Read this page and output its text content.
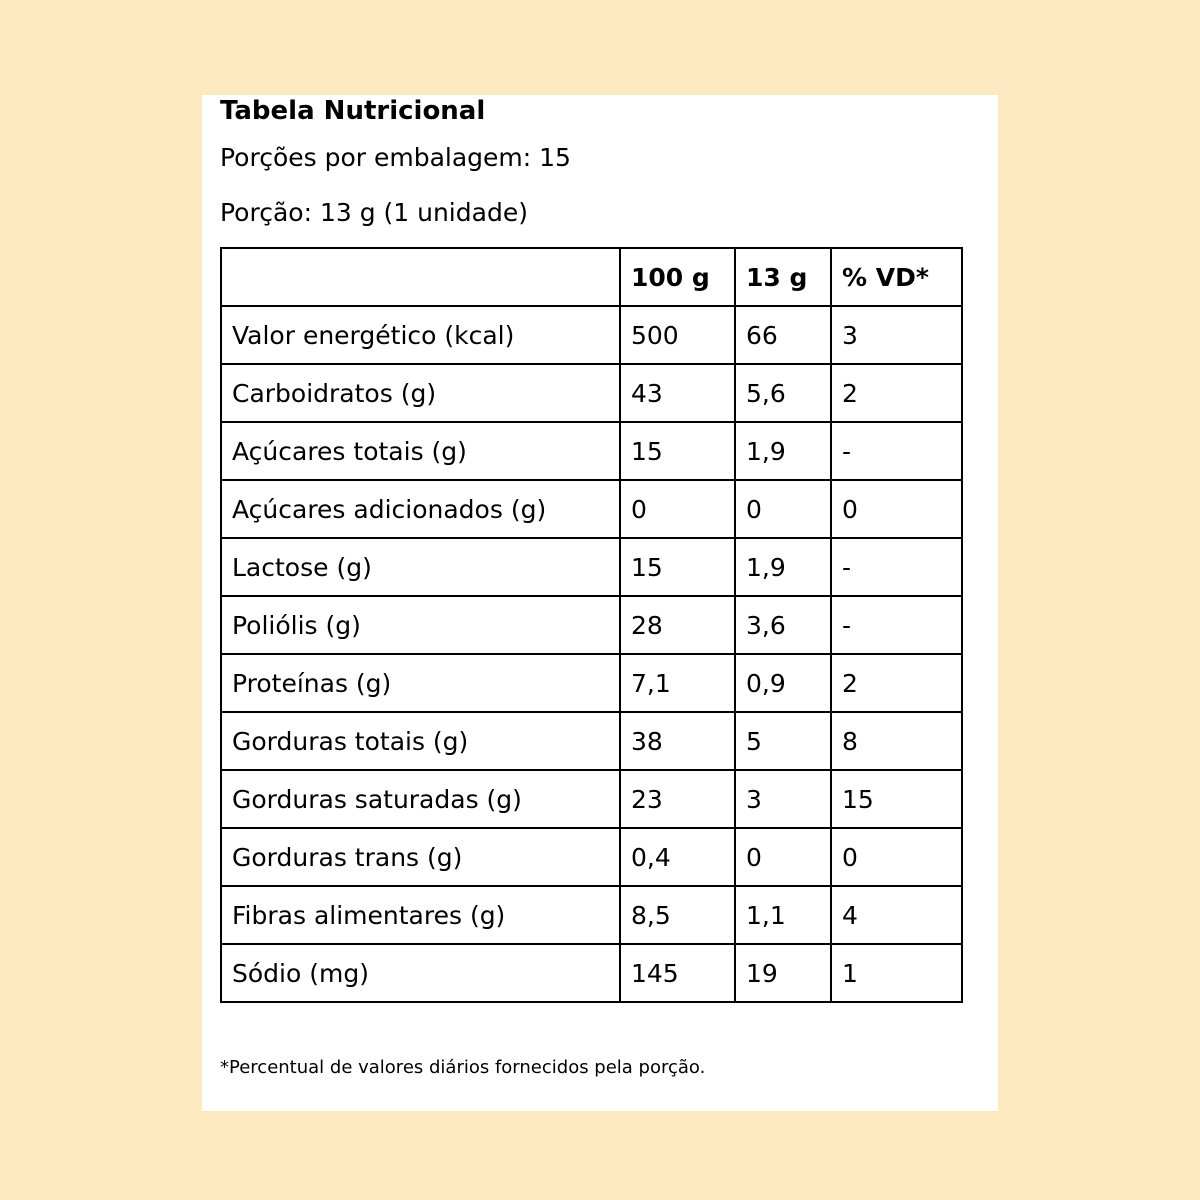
Tabela Nutricional

Porções por embalagem: 15

Porção: 13 g (1 unidade)

	100 g	13 g	% VD*
Valor energético (kcal)	500	66	3
Carboidratos (g)	43	5,6	2
Açúcares totais (g)	15	1,9	-
Açúcares adicionados (g)	0	0	0
Lactose (g)	15	1,9	-
Poliólis (g)	28	3,6	-
Proteínas (g)	7,1	0,9	2
Gorduras totais (g)	38	5	8
Gorduras saturadas (g)	23	3	15
Gorduras trans (g)	0,4	0	0
Fibras alimentares (g)	8,5	1,1	4
Sódio (mg)	145	19	1

*Percentual de valores diários fornecidos pela porção.
